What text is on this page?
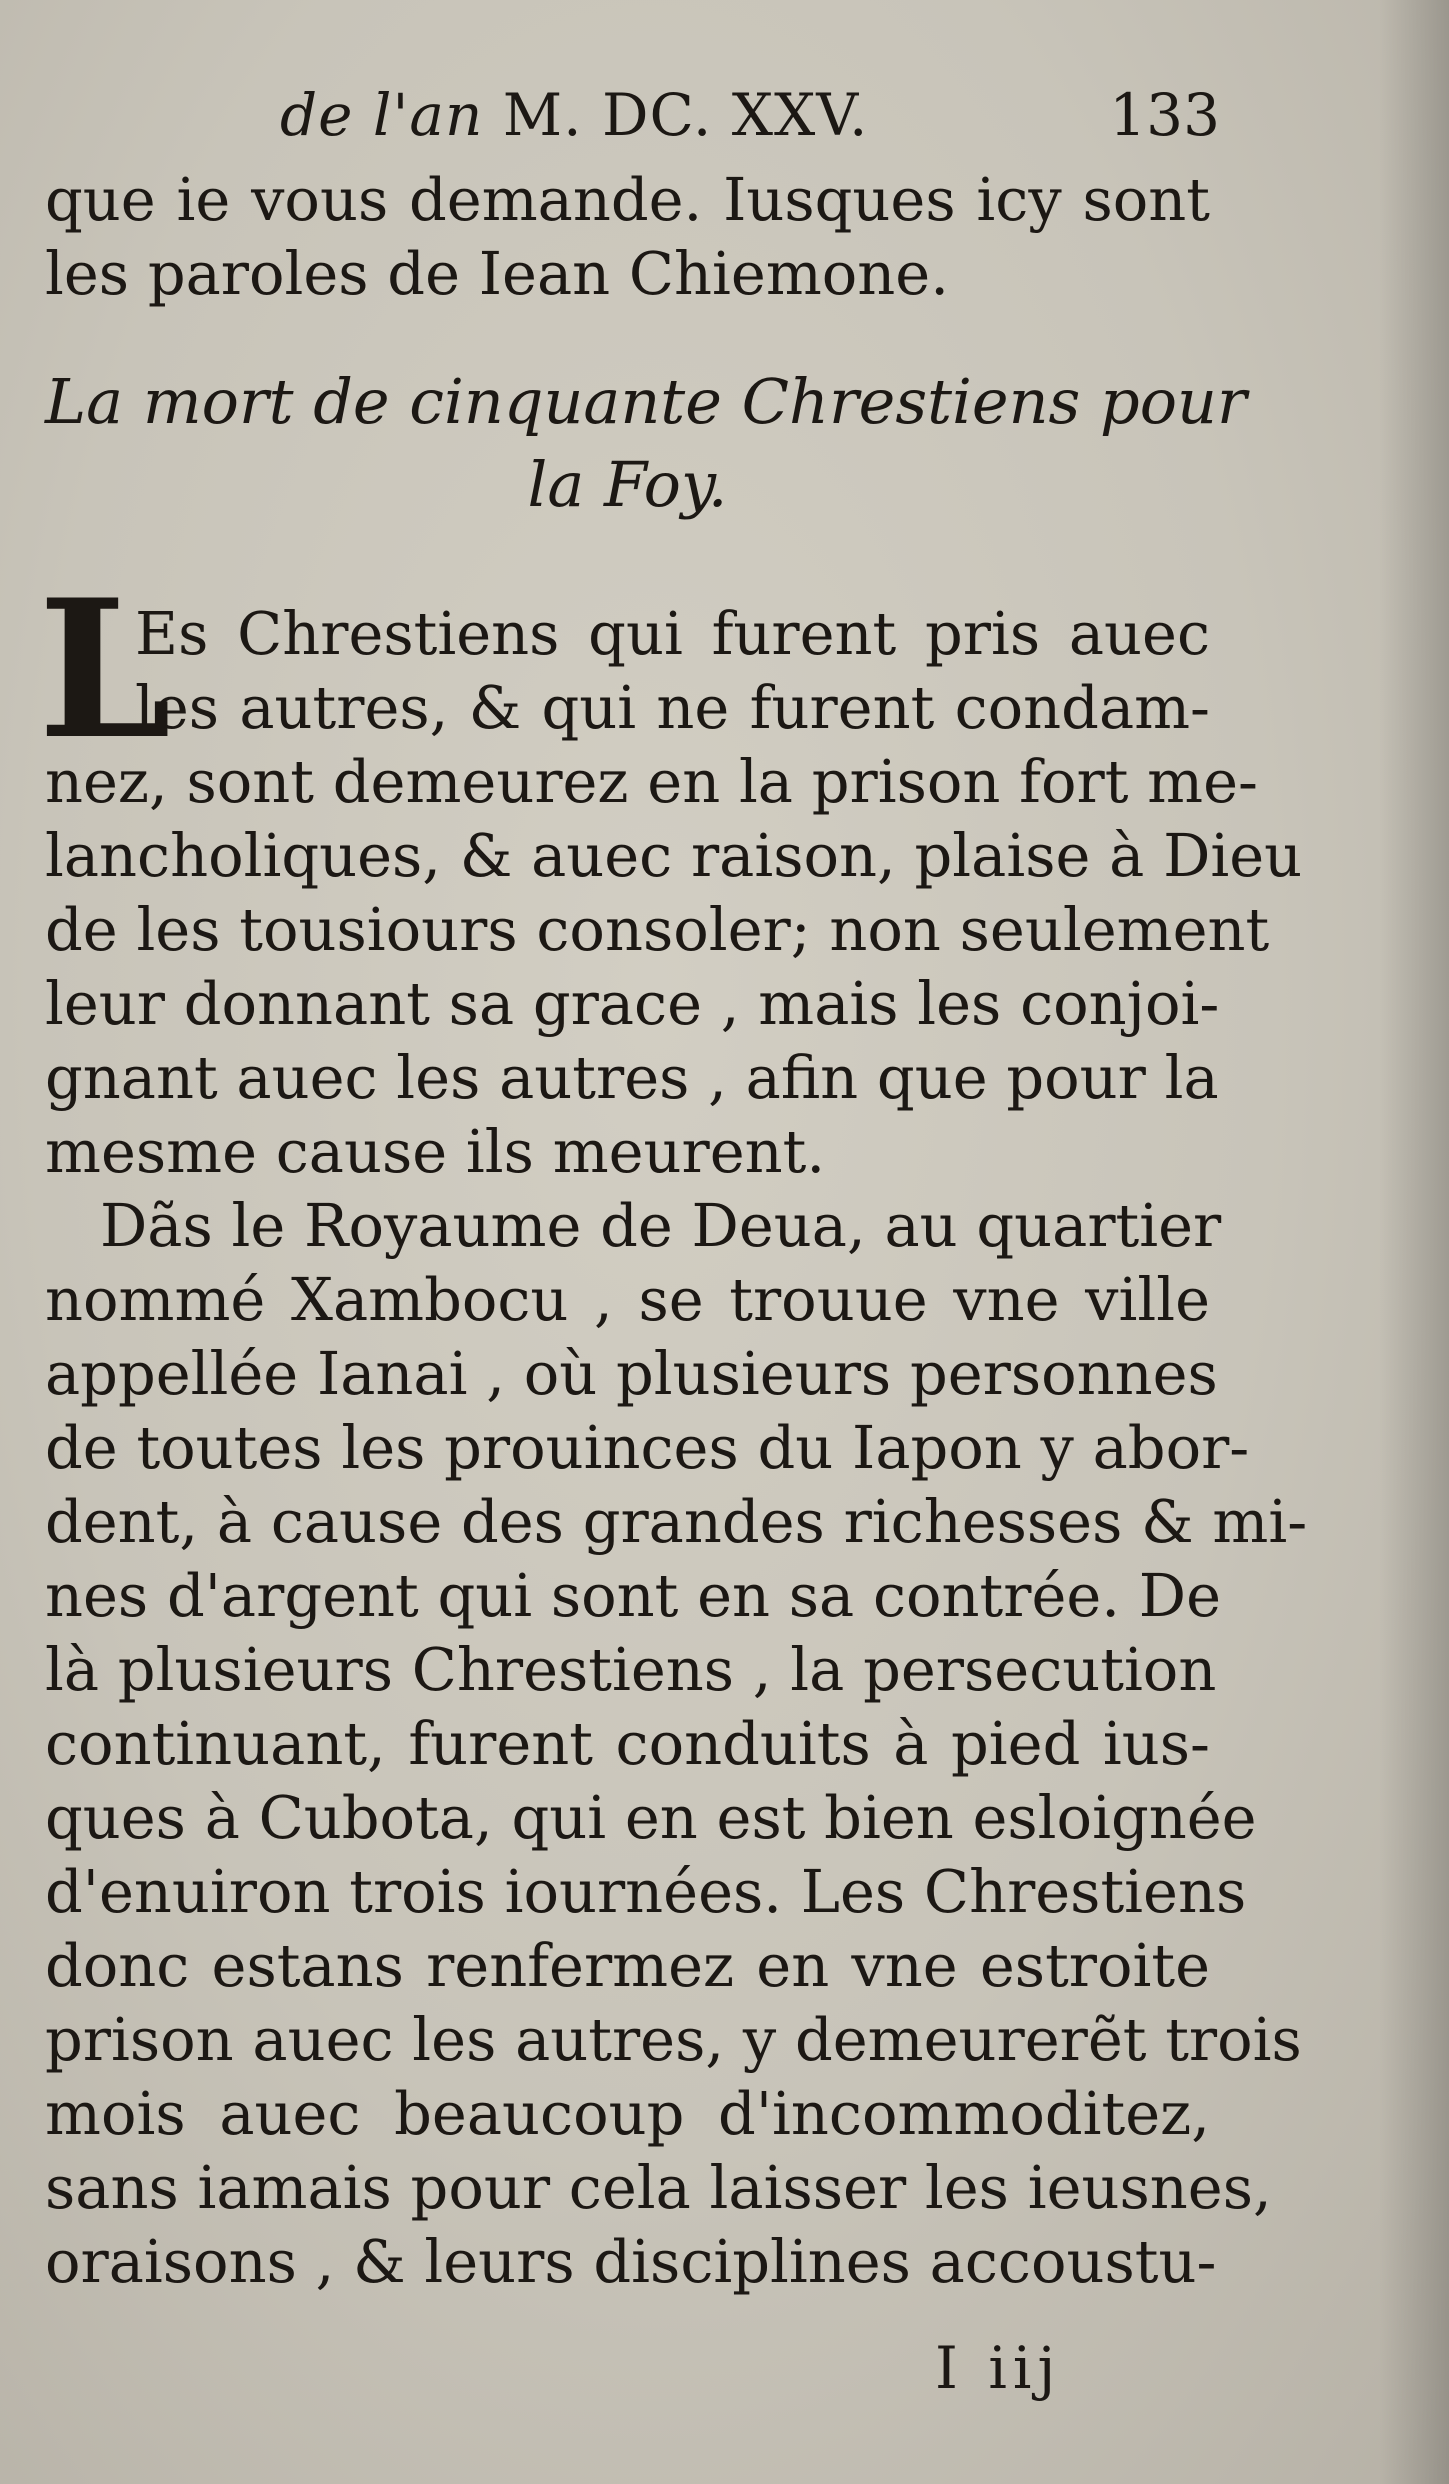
de l'an M. DC. XXV.	133
que ie vous demande. Iusques icy sont
les paroles de Iean Chiemone.
La mort de cinquante Chrestiens pour
la Foy.
L
Es Chrestiens qui furent pris auec
les autres, & qui ne furent condam-
nez, sont demeurez en la prison fort me-
lancholiques, & auec raison, plaise à Dieu
de les tousiours consoler; non seulement
leur donnant sa grace , mais les conjoi-
gnant auec les autres , afin que pour la
mesme cause ils meurent.
Dãs le Royaume de Deua, au quartier
nommé Xambocu , se trouue vne ville
appellée Ianai , où plusieurs personnes
de toutes les prouinces du Iapon y abor-
dent, à cause des grandes richesses & mi-
nes d'argent qui sont en sa contrée. De
là plusieurs Chrestiens , la persecution
continuant, furent conduits à pied ius-
ques à Cubota, qui en est bien esloignée
d'enuiron trois iournées. Les Chrestiens
donc estans renfermez en vne estroite
prison auec les autres, y demeurerẽt trois
mois auec beaucoup d'incommoditez,
sans iamais pour cela laisser les ieusnes,
oraisons , & leurs disciplines accoustu-
I iij
